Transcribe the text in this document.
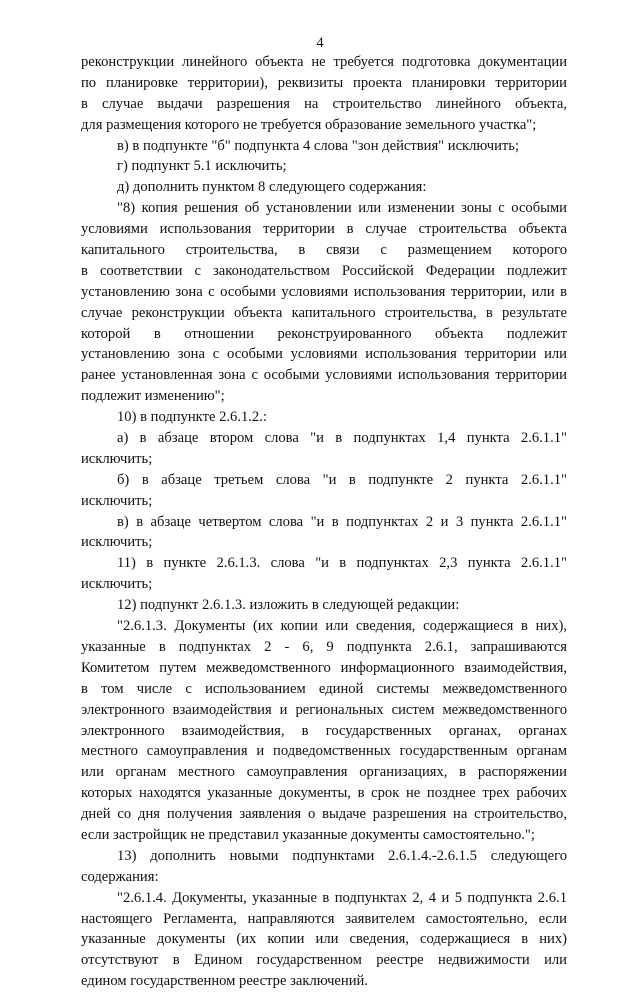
4
реконструкции линейного объекта не требуется подготовка документации
по планировке территории), реквизиты проекта планировки территории
в случае выдачи разрешения на строительство линейного объекта,
для размещения которого не требуется образование земельного участка";
в) в подпункте "б" подпункта 4 слова "зон действия" исключить;
г) подпункт 5.1 исключить;
д) дополнить пунктом 8 следующего содержания:
"8) копия решения об установлении или изменении зоны с особыми
условиями использования территории в случае строительства объекта
капитального строительства, в связи с размещением которого
в соответствии с законодательством Российской Федерации подлежит
установлению зона с особыми условиями использования территории, или в
случае реконструкции объекта капитального строительства, в результате
которой в отношении реконструированного объекта подлежит
установлению зона с особыми условиями использования территории или
ранее установленная зона с особыми условиями использования территории
подлежит изменению";
10) в подпункте 2.6.1.2.:
а) в абзаце втором слова "и в подпунктах 1,4 пункта 2.6.1.1"
исключить;
б) в абзаце третьем слова "и в подпункте 2 пункта 2.6.1.1"
исключить;
в) в абзаце четвертом слова "и в подпунктах 2 и 3 пункта 2.6.1.1"
исключить;
11) в пункте 2.6.1.3. слова "и в подпунктах 2,3 пункта 2.6.1.1"
исключить;
12) подпункт 2.6.1.3. изложить в следующей редакции:
"2.6.1.3. Документы (их копии или сведения, содержащиеся в них),
указанные в подпунктах 2 - 6, 9 подпункта 2.6.1, запрашиваются
Комитетом путем межведомственного информационного взаимодействия,
в том числе с использованием единой системы межведомственного
электронного взаимодействия и региональных систем межведомственного
электронного взаимодействия, в государственных органах, органах
местного самоуправления и подведомственных государственным органам
или органам местного самоуправления организациях, в распоряжении
которых находятся указанные документы, в срок не позднее трех рабочих
дней со дня получения заявления о выдаче разрешения на строительство,
если застройщик не представил указанные документы самостоятельно.";
13) дополнить новыми подпунктами 2.6.1.4.-2.6.1.5 следующего
содержания:
"2.6.1.4. Документы, указанные в подпунктах 2, 4 и 5 подпункта 2.6.1
настоящего Регламента, направляются заявителем самостоятельно, если
указанные документы (их копии или сведения, содержащиеся в них)
отсутствуют в Едином государственном реестре недвижимости или
едином государственном реестре заключений.
